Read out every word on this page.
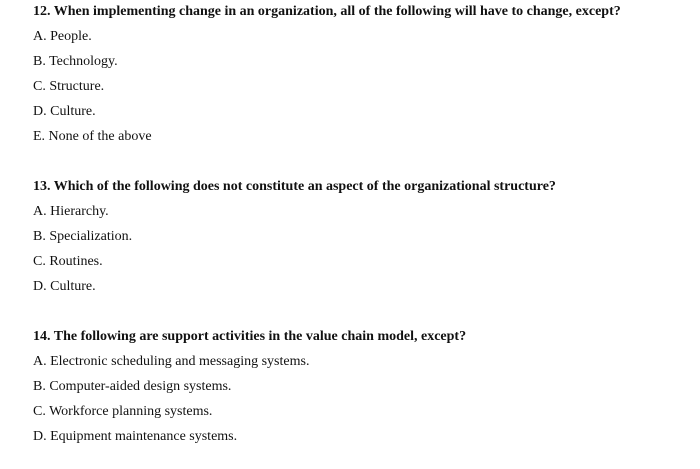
12. When implementing change in an organization, all of the following will have to change, except?

A. People.
B. Technology.
C. Structure.
D. Culture.
E. None of the above

13. Which of the following does not constitute an aspect of the organizational structure?

A. Hierarchy.
B. Specialization.
C. Routines.
D. Culture.

14. The following are support activities in the value chain model, except?

A. Electronic scheduling and messaging systems.
B. Computer-aided design systems.
C. Workforce planning systems.
D. Equipment maintenance systems.
